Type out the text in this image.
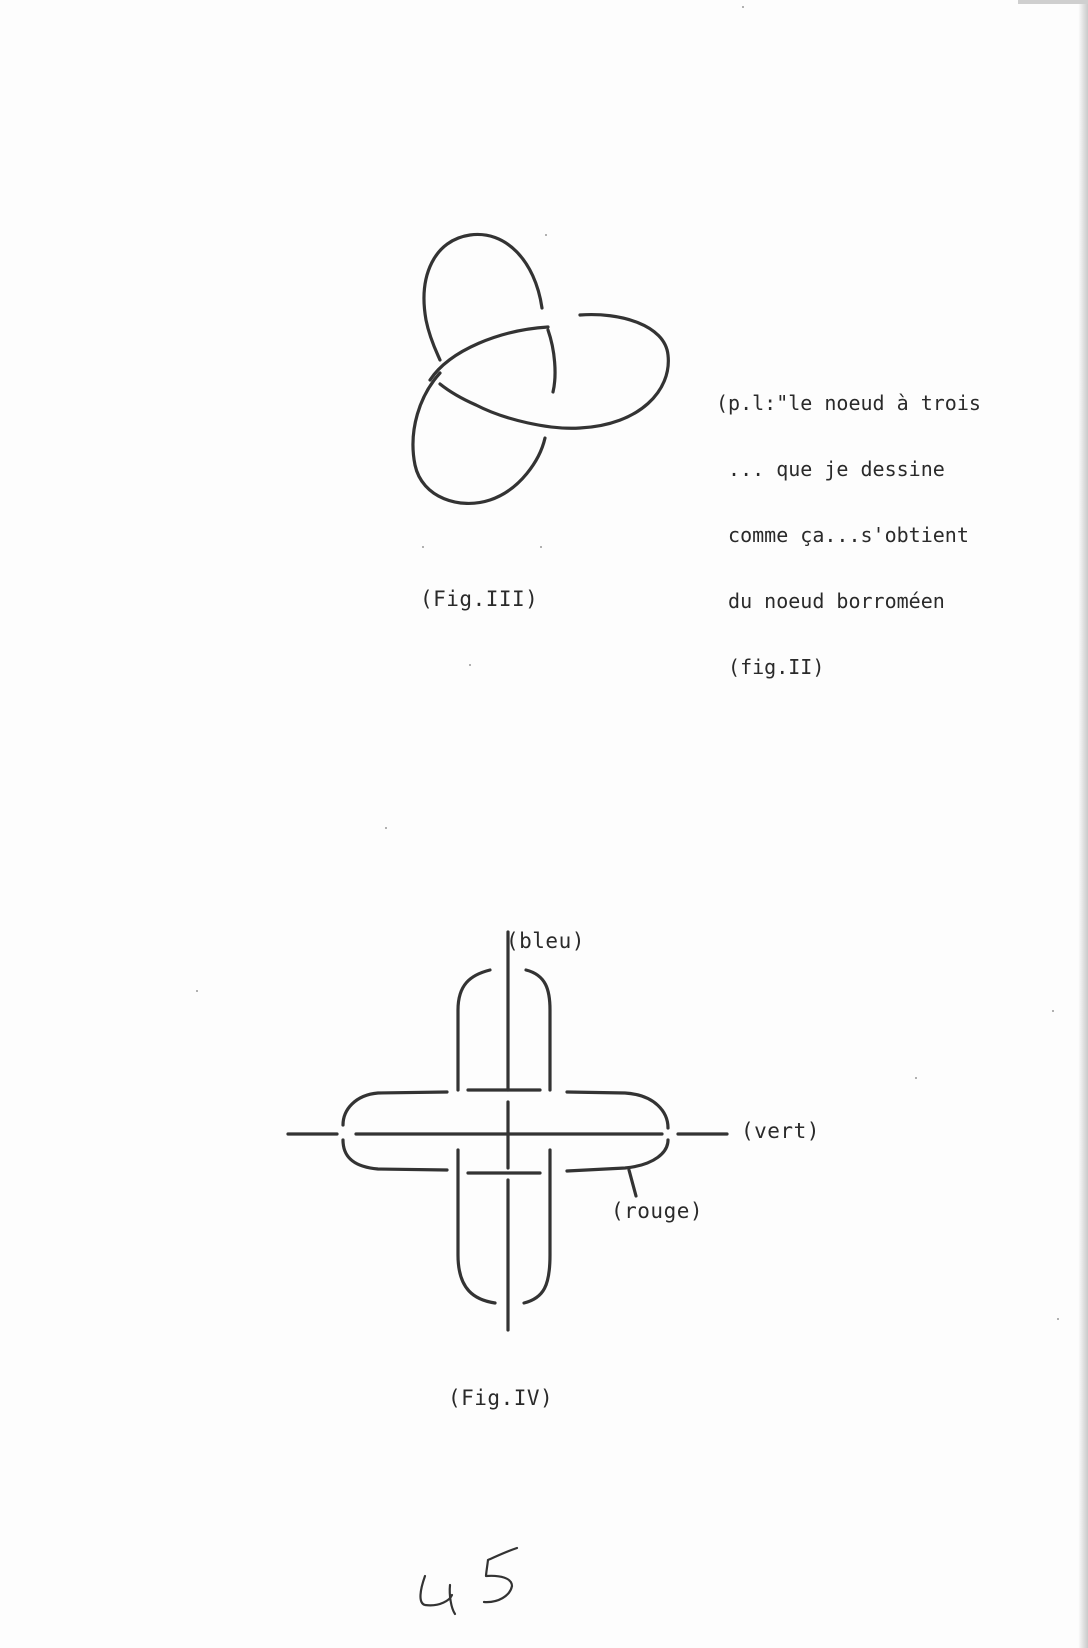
(p.l:"le noeud à trois

... que je dessine

comme ça...s'obtient

du noeud borroméen

(fig.II)

(Fig.III)
(bleu)
(vert)
(rouge)
(Fig.IV)
